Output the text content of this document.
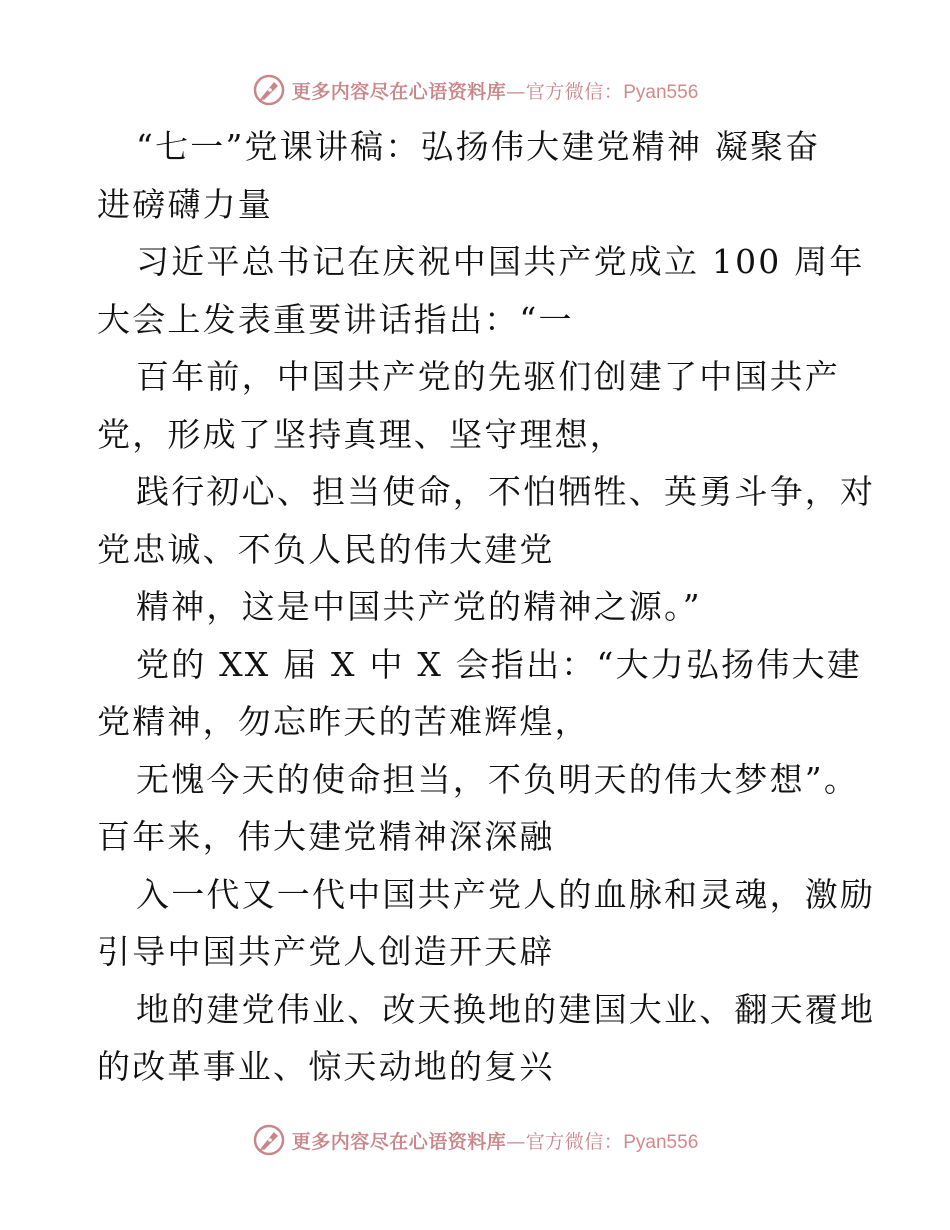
更多内容尽在心语资料库 —官方微信： Pyan556

“七一”党课讲稿：弘扬伟大建党精神 凝聚奋

进磅礴力量

习近平总书记在庆祝中国共产党成立 100 周年

大会上发表重要讲话指出：“一

百年前，中国共产党的先驱们创建了中国共产

党，形成了坚持真理、坚守理想，

践行初心、担当使命，不怕牺牲、英勇斗争，对

党忠诚、不负人民的伟大建党

精神，这是中国共产党的精神之源。”

党的 XX 届 X 中 X 会指出：“大力弘扬伟大建

党精神，勿忘昨天的苦难辉煌，

无愧今天的使命担当，不负明天的伟大梦想”。

百年来，伟大建党精神深深融

入一代又一代中国共产党人的血脉和灵魂，激励

引导中国共产党人创造开天辟

地的建党伟业、改天换地的建国大业、翻天覆地

的改革事业、惊天动地的复兴

更多内容尽在心语资料库 —官方微信： Pyan556
